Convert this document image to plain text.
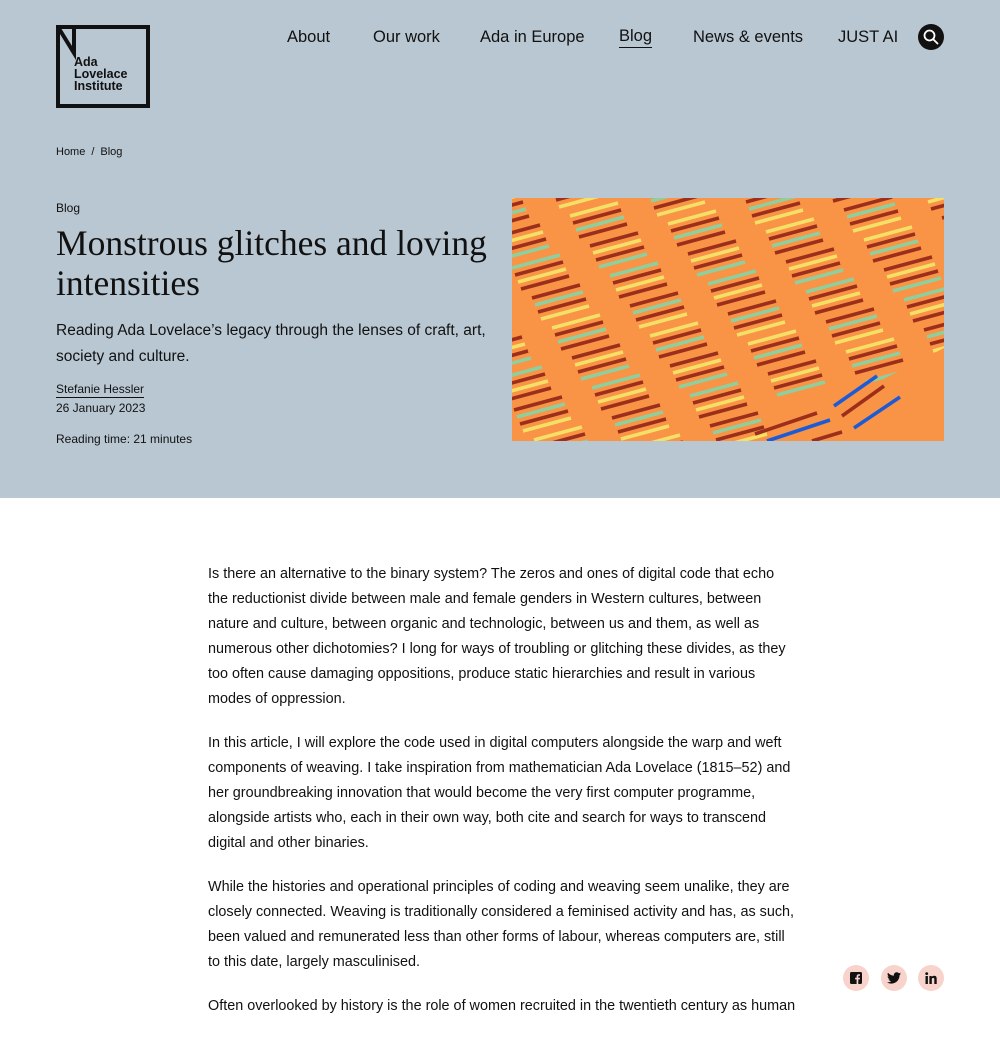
Ada
Lovelace
Institute
About	Our work Ada in Europe Blog News & events JUST AI
Home / Blog
Blog
Monstrous glitches and loving intensities

Reading Ada Lovelace’s legacy through the lenses of craft, art, society and culture.

Stefanie Hessler
26 January 2023
Reading time: 21 minutes

Is there an alternative to the binary system? The zeros and ones of digital code that echo the reductionist divide between male and female genders in Western cultures, between nature and culture, between organic and technologic, between us and them, as well as numerous other dichotomies? I long for ways of troubling or glitching these divides, as they too often cause damaging oppositions, produce static hierarchies and result in various modes of oppression.

In this article, I will explore the code used in digital computers alongside the warp and weft components of weaving. I take inspiration from mathematician Ada Lovelace (1815–52) and her groundbreaking innovation that would become the very first computer programme, alongside artists who, each in their own way, both cite and search for ways to transcend digital and other binaries.

While the histories and operational principles of coding and weaving seem unalike, they are closely connected. Weaving is traditionally considered a feminised activity and has, as such, been valued and remunerated less than other forms of labour, whereas computers are, still to this date, largely masculinised.

Often overlooked by history is the role of women recruited in the twentieth century as human
